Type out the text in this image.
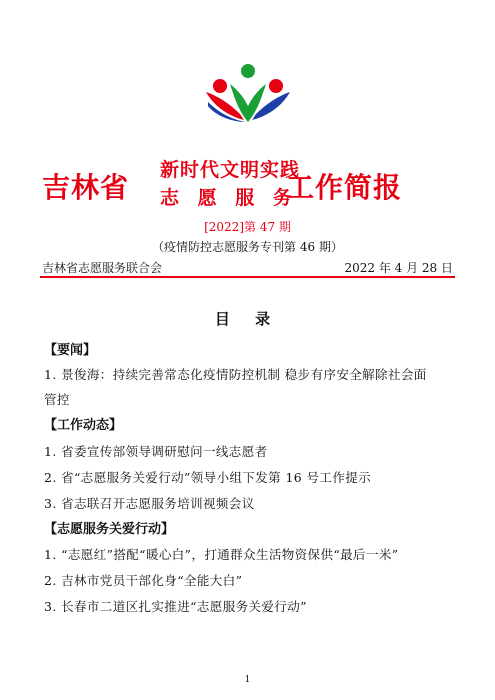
吉林省
新时代文明实践
志 愿 服 务
工作简报
[2022]第 47 期
（疫情防控志愿服务专刊第 46 期）
吉林省志愿服务联合会	2022 年 4 月 28 日
目 录
【要闻】
1. 景俊海：持续完善常态化疫情防控机制 稳步有序安全解除社会面
管控
【工作动态】
1. 省委宣传部领导调研慰问一线志愿者
2. 省“志愿服务关爱行动”领导小组下发第 16 号工作提示
3. 省志联召开志愿服务培训视频会议
【志愿服务关爱行动】
1. “志愿红”搭配“暖心白”，打通群众生活物资保供“最后一米”
2. 吉林市党员干部化身“全能大白”
3. 长春市二道区扎实推进“志愿服务关爱行动”
1
